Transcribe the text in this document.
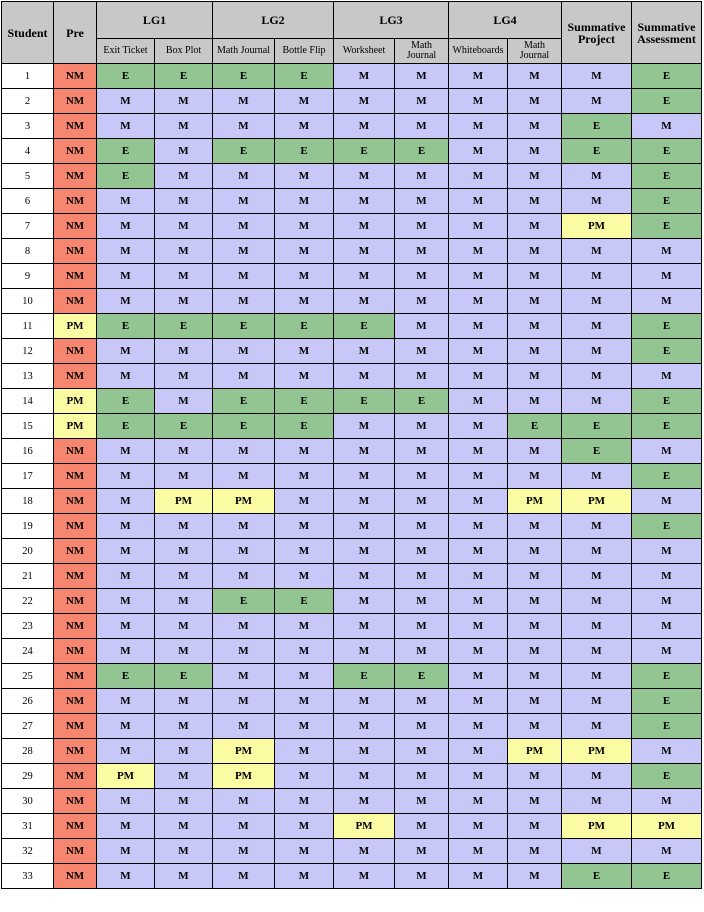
Student	Pre	LG1		LG2		LG3		LG4		Summative Project	Summative Assessment
		Exit Ticket	Box Plot	Math Journal	Bottle Flip	Worksheet	Math Journal	Whiteboards	Math Journal		
1	NM	E	E	E	E	M	M	M	M	M	E
2	NM	M	M	M	M	M	M	M	M	M	E
3	NM	M	M	M	M	M	M	M	M	E	M
4	NM	E	M	E	E	E	E	M	M	E	E
5	NM	E	M	M	M	M	M	M	M	M	E
6	NM	M	M	M	M	M	M	M	M	M	E
7	NM	M	M	M	M	M	M	M	M	PM	E
8	NM	M	M	M	M	M	M	M	M	M	M
9	NM	M	M	M	M	M	M	M	M	M	M
10	NM	M	M	M	M	M	M	M	M	M	M
11	PM	E	E	E	E	E	M	M	M	M	E
12	NM	M	M	M	M	M	M	M	M	M	E
13	NM	M	M	M	M	M	M	M	M	M	M
14	PM	E	M	E	E	E	E	M	M	M	E
15	PM	E	E	E	E	M	M	M	E	E	E
16	NM	M	M	M	M	M	M	M	M	E	M
17	NM	M	M	M	M	M	M	M	M	M	E
18	NM	M	PM	PM	M	M	M	M	PM	PM	M
19	NM	M	M	M	M	M	M	M	M	M	E
20	NM	M	M	M	M	M	M	M	M	M	M
21	NM	M	M	M	M	M	M	M	M	M	M
22	NM	M	M	E	E	M	M	M	M	M	M
23	NM	M	M	M	M	M	M	M	M	M	M
24	NM	M	M	M	M	M	M	M	M	M	M
25	NM	E	E	M	M	E	E	M	M	M	E
26	NM	M	M	M	M	M	M	M	M	M	E
27	NM	M	M	M	M	M	M	M	M	M	E
28	NM	M	M	PM	M	M	M	M	PM	PM	M
29	NM	PM	M	PM	M	M	M	M	M	M	E
30	NM	M	M	M	M	M	M	M	M	M	M
31	NM	M	M	M	M	PM	M	M	M	PM	PM
32	NM	M	M	M	M	M	M	M	M	M	M
33	NM	M	M	M	M	M	M	M	M	E	E
